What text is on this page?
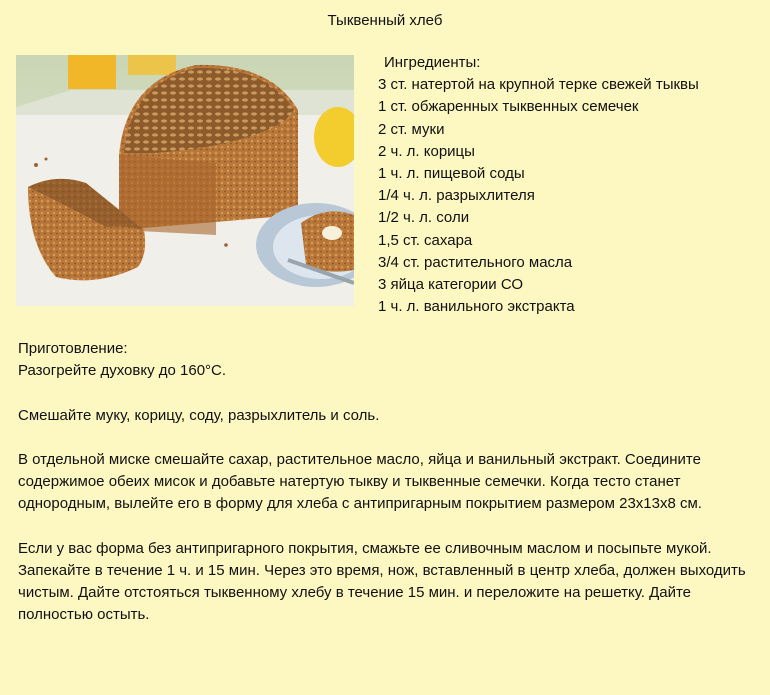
Тыквенный хлеб
Ингредиенты:
3 ст. натертой на крупной терке свежей тыквы
1 ст. обжаренных тыквенных семечек
2 ст. муки
2 ч. л. корицы
1 ч. л. пищевой соды
1/4 ч. л. разрыхлителя
1/2 ч. л. соли
1,5 ст. сахара
3/4 ст. растительного масла
3 яйца категории СО
1 ч. л. ванильного экстракта

Приготовление:

Разогрейте духовку до 160°С.

Смешайте муку, корицу, соду, разрыхлитель и соль.

В отдельной миске смешайте сахар, растительное масло, яйца и ванильный экстракт. Соедините содержимое обеих мисок и добавьте натертую тыкву и тыквенные семечки. Когда тесто станет однородным, вылейте его в форму для хлеба с антипригарным покрытием размером 23x13x8 см.

Если у вас форма без антипригарного покрытия, смажьте ее сливочным маслом и посыпьте мукой.

Запекайте в течение 1 ч. и 15 мин. Через это время, нож, вставленный в центр хлеба, должен выходить чистым. Дайте отстояться тыквенному хлебу в течение 15 мин. и переложите на решетку. Дайте полностью остыть.
